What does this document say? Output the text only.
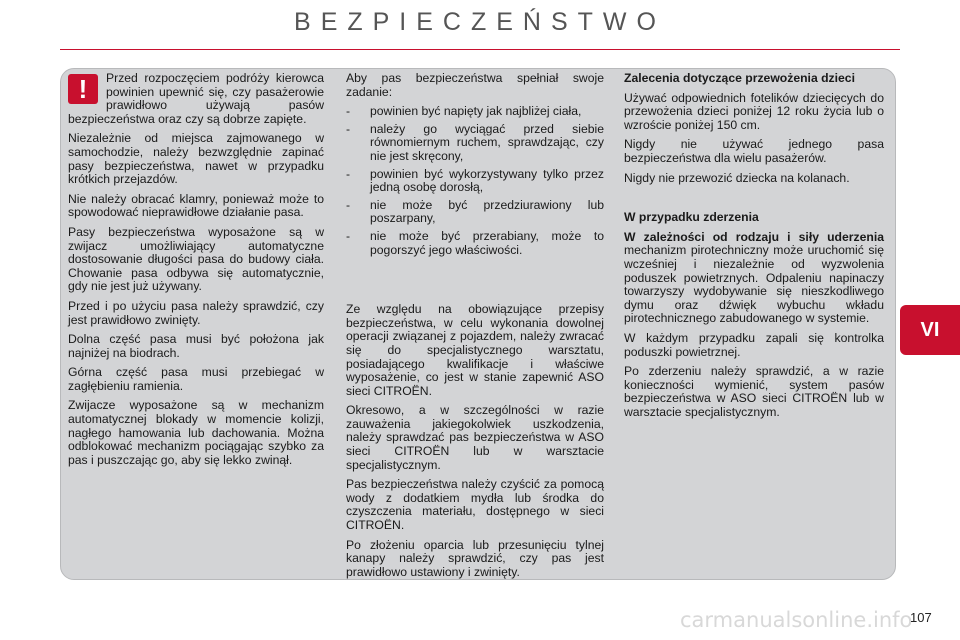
BEZPIECZEŃSTWO
!	Przed rozpoczęciem podróży kierowca powinien upewnić się, czy pasażerowie prawidłowo używają pasów bezpieczeństwa oraz czy są dobrze zapięte.

Niezależnie od miejsca zajmowanego w samochodzie, należy bezwzględnie zapinać pasy bezpieczeństwa, nawet w przypadku krótkich przejazdów.

Nie należy obracać klamry, ponieważ może to spowodować nieprawidłowe działanie pasa.

Pasy bezpieczeństwa wyposażone są w zwijacz umożliwiający automatyczne dostosowanie długości pasa do budowy ciała. Chowanie pasa odbywa się automatycznie, gdy nie jest już używany.

Przed i po użyciu pasa należy sprawdzić, czy jest prawidłowo zwinięty.

Dolna część pasa musi być położona jak najniżej na biodrach.

Górna część pasa musi przebiegać w zagłębieniu ramienia.

Zwijacze wyposażone są w mechanizm automatycznej blokady w momencie kolizji, nagłego hamowania lub dachowania. Można odblokować mechanizm pociągając szybko za pas i puszczając go, aby się lekko zwinął.

Aby pas bezpieczeństwa spełniał swoje zadanie:

- powinien być napięty jak najbliżej ciała,
- należy go wyciągać przed siebie równomiernym ruchem, sprawdzając, czy nie jest skręcony,
- powinien być wykorzystywany tylko przez jedną osobę dorosłą,
- nie może być przedziurawiony lub poszarpany,
- nie może być przerabiany, może to pogorszyć jego właściwości.

Ze względu na obowiązujące przepisy bezpieczeństwa, w celu wykonania dowolnej operacji związanej z pojazdem, należy zwracać się do specjalistycznego warsztatu, posiadającego kwalifikacje i właściwe wyposażenie, co jest w stanie zapewnić ASO sieci CITROËN.

Okresowo, a w szczególności w razie zauważenia jakiegokolwiek uszkodzenia, należy sprawdzać pas bezpieczeństwa w ASO sieci CITROËN lub w warsztacie specjalistycznym.

Pas bezpieczeństwa należy czyścić za pomocą wody z dodatkiem mydła lub środka do czyszczenia materiału, dostępnego w sieci CITROËN.

Po złożeniu oparcia lub przesunięciu tylnej kanapy należy sprawdzić, czy pas jest prawidłowo ustawiony i zwinięty.

Zalecenia dotyczące przewożenia dzieci

Używać odpowiednich fotelików dziecięcych do przewożenia dzieci poniżej 12 roku życia lub o wzroście poniżej 150 cm.

Nigdy nie używać jednego pasa bezpieczeństwa dla wielu pasażerów.

Nigdy nie przewozić dziecka na kolanach.

W przypadku zderzenia

W zależności od rodzaju i siły uderzenia mechanizm pirotechniczny może uruchomić się wcześniej i niezależnie od wyzwolenia poduszek powietrznych. Odpaleniu napinaczy towarzyszy wydobywanie się nieszkodliwego dymu oraz dźwięk wybuchu wkładu pirotechnicznego zabudowanego w systemie.

W każdym przypadku zapali się kontrolka poduszki powietrznej.

Po zderzeniu należy sprawdzić, a w razie konieczności wymienić, system pasów bezpieczeństwa w ASO sieci CITROËN lub w warsztacie specjalistycznym.

VI
carmanualsonline.info
107
